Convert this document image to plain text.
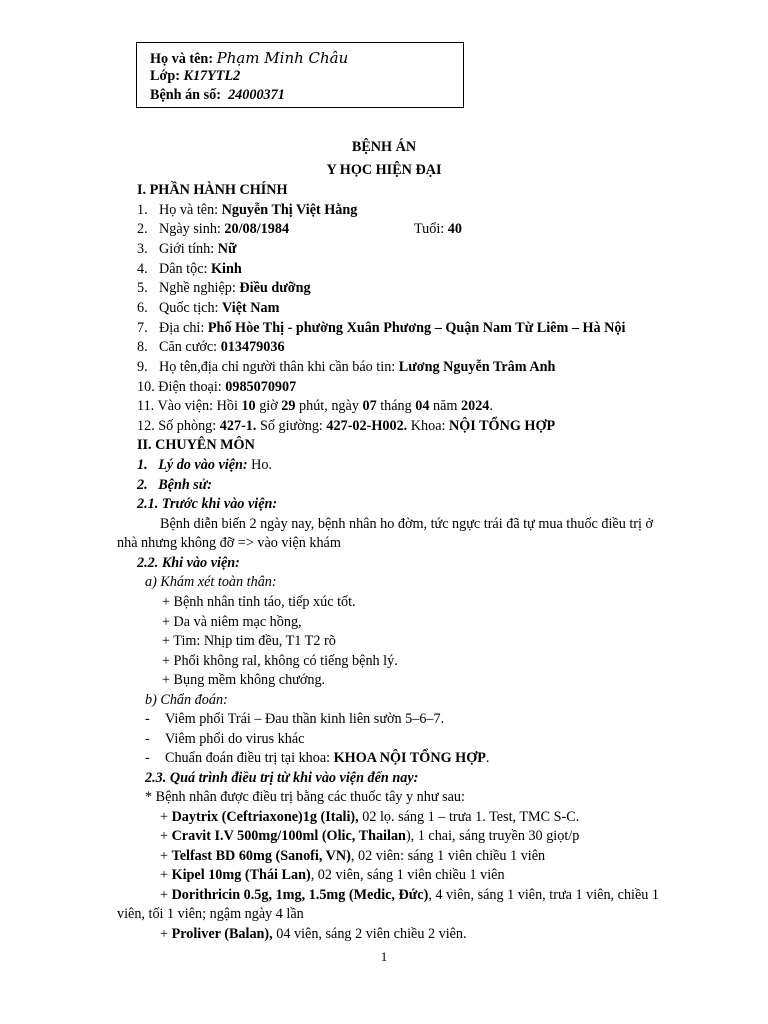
Họ và tên: Phạm Minh Châu
Lớp: K17YTL2
Bệnh án số: 24000371
BỆNH ÁN
Y HỌC HIỆN ĐẠI
I. PHẦN HÀNH CHÍNH
1. Họ và tên: Nguyễn Thị Việt Hằng
2. Ngày sinh: 20/08/1984	Tuổi: 40
3. Giới tính: Nữ
4. Dân tộc: Kinh
5. Nghề nghiệp: Điều dưỡng
6. Quốc tịch: Việt Nam
7. Địa chỉ: Phố Hòe Thị - phường Xuân Phương – Quận Nam Từ Liêm – Hà Nội
8. Căn cước: 013479036
9. Họ tên,địa chỉ người thân khi cần báo tin: Lương Nguyễn Trâm Anh
10. Điện thoại: 0985070907
11. Vào viện: Hồi 10 giờ 29 phút, ngày 07 tháng 04 năm 2024.
12. Số phòng: 427-1. Số giường: 427-02-H002. Khoa: NỘI TỔNG HỢP
II. CHUYÊN MÔN
1. Lý do vào viện: Ho.
2. Bệnh sử:
2.1. Trước khi vào viện:
Bệnh diễn biến 2 ngày nay, bệnh nhân ho đờm, tức ngực trái đã tự mua thuốc điều trị ở
nhà nhưng không đỡ => vào viện khám
2.2. Khi vào viện:
a) Khám xét toàn thân:
+ Bệnh nhân tỉnh táo, tiếp xúc tốt.
+ Da và niêm mạc hồng,
+ Tim: Nhịp tim đều, T1 T2 rõ
+ Phổi không ral, không có tiếng bệnh lý.
+ Bụng mềm không chướng.
b) Chẩn đoán:
- Viêm phổi Trái – Đau thần kinh liên sườn 5–6–7.
- Viêm phổi do virus khác
- Chuẩn đoán điều trị tại khoa: KHOA NỘI TỔNG HỢP.
2.3. Quá trình điều trị từ khi vào viện đến nay:
* Bệnh nhân được điều trị bằng các thuốc tây y như sau:
+ Daytrix (Ceftriaxone)1g (Itali), 02 lọ. sáng 1 – trưa 1. Test, TMC S-C.
+ Cravit I.V 500mg/100ml (Olic, Thailan), 1 chai, sáng truyền 30 giọt/p
+ Telfast BD 60mg (Sanofi, VN), 02 viên: sáng 1 viên chiều 1 viên
+ Kipel 10mg (Thái Lan), 02 viên, sáng 1 viên chiều 1 viên
+ Dorithricin 0.5g, 1mg, 1.5mg (Medic, Đức), 4 viên, sáng 1 viên, trưa 1 viên, chiều 1
viên, tối 1 viên; ngậm ngày 4 lần
+ Proliver (Balan), 04 viên, sáng 2 viên chiều 2 viên.
1
